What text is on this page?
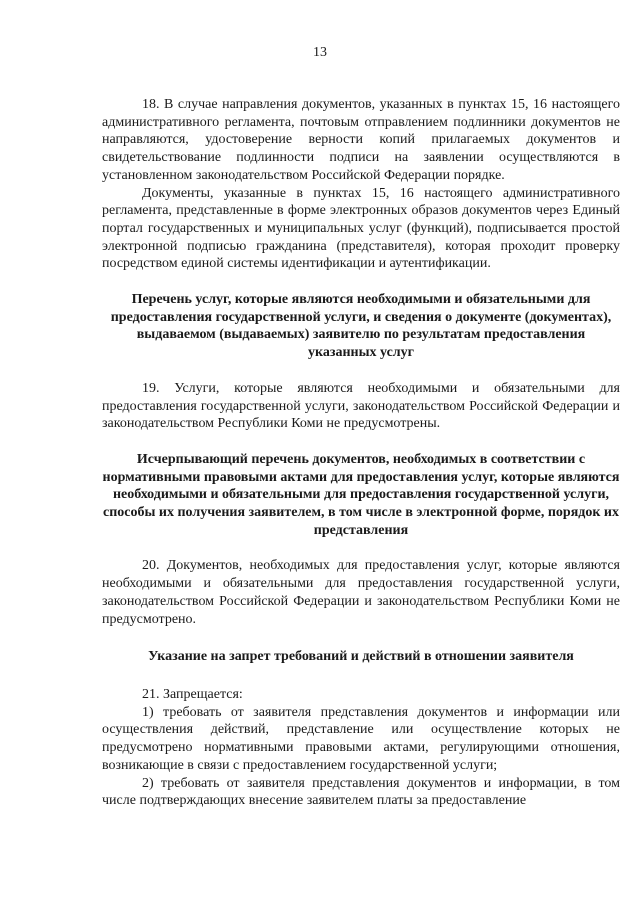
13

18. В случае направления документов, указанных в пунктах 15, 16 настоящего административного регламента, почтовым отправлением подлинники документов не направляются, удостоверение верности копий прилагаемых документов и свидетельствование подлинности подписи на заявлении осуществляются в установленном законодательством Российской Федерации порядке.

Документы, указанные в пунктах 15, 16 настоящего административного регламента, представленные в форме электронных образов документов через Единый портал государственных и муниципальных услуг (функций), подписывается простой электронной подписью гражданина (представителя), которая проходит проверку посредством единой системы идентификации и аутентификации.

Перечень услуг, которые являются необходимыми и обязательными для предоставления государственной услуги, и сведения о документе (документах), выдаваемом (выдаваемых) заявителю по результатам предоставления указанных услуг

19. Услуги, которые являются необходимыми и обязательными для предоставления государственной услуги, законодательством Российской Федерации и законодательством Республики Коми не предусмотрены.

Исчерпывающий перечень документов, необходимых в соответствии с нормативными правовыми актами для предоставления услуг, которые являются необходимыми и обязательными для предоставления государственной услуги, способы их получения заявителем, в том числе в электронной форме, порядок их представления

20. Документов, необходимых для предоставления услуг, которые являются необходимыми и обязательными для предоставления государственной услуги, законодательством Российской Федерации и законодательством Республики Коми не предусмотрено.

Указание на запрет требований и действий в отношении заявителя

21. Запрещается:

1) требовать от заявителя представления документов и информации или осуществления действий, представление или осуществление которых не предусмотрено нормативными правовыми актами, регулирующими отношения, возникающие в связи с предоставлением государственной услуги;

2) требовать от заявителя представления документов и информации, в том числе подтверждающих внесение заявителем платы за предоставление
